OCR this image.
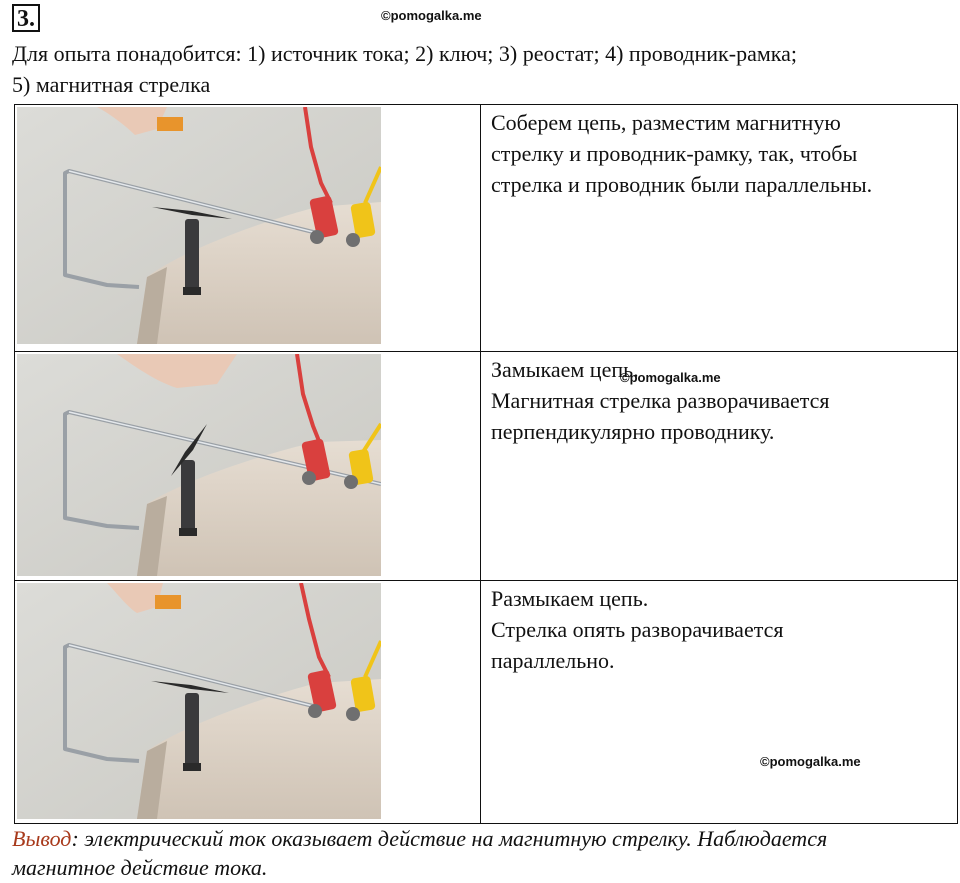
3.	©pomogalka.me
Для опыта понадобится: 1) источник тока; 2) ключ; 3) реостат; 4) проводник-рамка;
5) магнитная стрелка

Соберем цепь, разместим магнитную

стрелку и проводник-рамку, так, чтобы

стрелка и проводник были параллельны.

Замыкаем цепь.

Магнитная стрелка разворачивается

перпендикулярно проводнику.

Размыкаем цепь.

Стрелка опять разворачивается

параллельно.

©pomogalka.me
©pomogalka.me
Вывод: электрический ток оказывает действие на магнитную стрелку. Наблюдается
магнитное действие тока.
